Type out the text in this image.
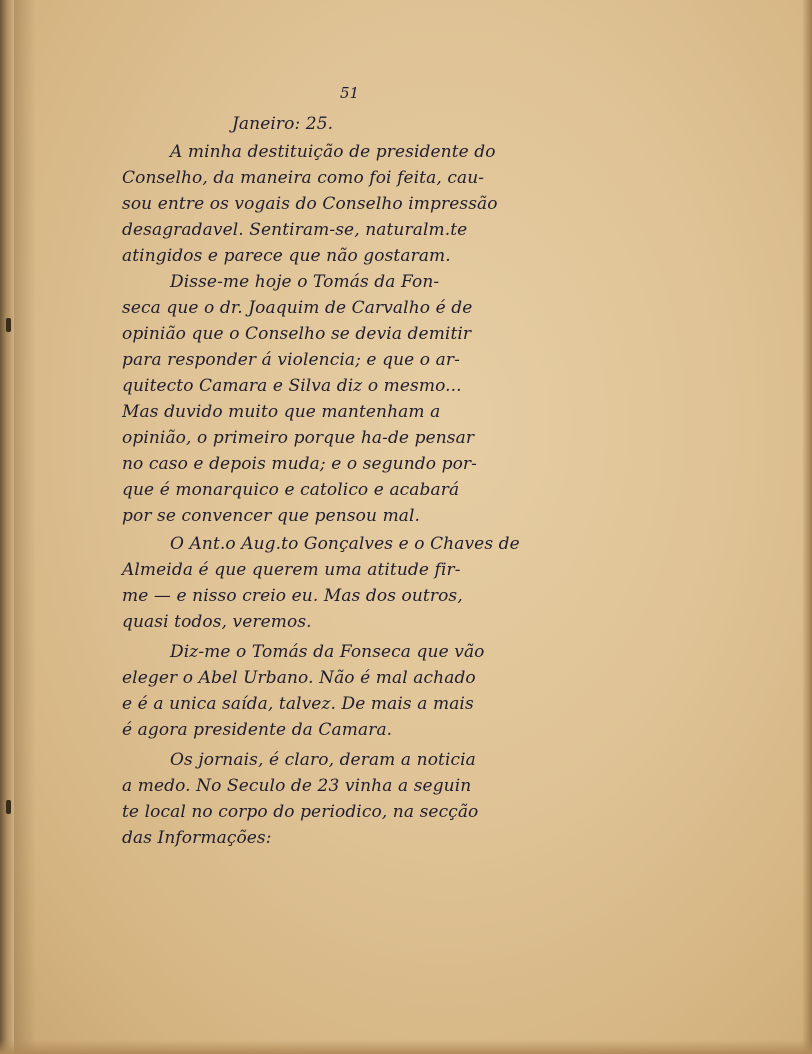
51
Janeiro: 25.
A minha destituição de presidente do
Conselho, da maneira como foi feita, cau-
sou entre os vogais do Conselho impressão
desagradavel. Sentiram-se, naturalm.te
atingidos e parece que não gostaram.
Disse-me hoje o Tomás da Fon-
seca que o dr. Joaquim de Carvalho é de
opinião que o Conselho se devia demitir
para responder á violencia; e que o ar-
quitecto Camara e Silva diz o mesmo...
Mas duvido muito que mantenham a
opinião, o primeiro porque ha-de pensar
no caso e depois muda; e o segundo por-
que é monarquico e catolico e acabará
por se convencer que pensou mal.
O Ant.o Aug.to Gonçalves e o Chaves de
Almeida é que querem uma atitude fir-
me — e nisso creio eu. Mas dos outros,
quasi todos, veremos.
Diz-me o Tomás da Fonseca que vão
eleger o Abel Urbano. Não é mal achado
e é a unica saída, talvez. De mais a mais
é agora presidente da Camara.
Os jornais, é claro, deram a noticia
a medo. No Seculo de 23 vinha a seguin
te local no corpo do periodico, na secção
das Informações:
